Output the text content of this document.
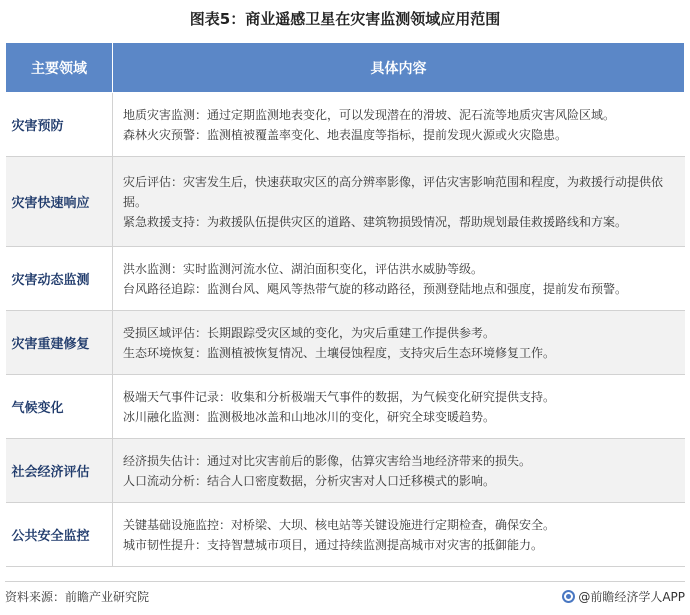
图表5：商业遥感卫星在灾害监测领域应用范围
主要领域	具体内容
灾害预防	地质灾害监测：通过定期监测地表变化，可以发现潜在的滑坡、泥石流等地质灾害风险区域。
森林火灾预警：监测植被覆盖率变化、地表温度等指标，提前发现火源或火灾隐患。

灾害快速响应	灾后评估：灾害发生后，快速获取灾区的高分辨率影像，评估灾害影响范围和程度，为救援行动提供依据。
紧急救援支持：为救援队伍提供灾区的道路、建筑物损毁情况，帮助规划最佳救援路线和方案。

灾害动态监测	洪水监测：实时监测河流水位、湖泊面积变化，评估洪水威胁等级。
台风路径追踪：监测台风、飓风等热带气旋的移动路径，预测登陆地点和强度，提前发布预警。

灾害重建修复	受损区域评估：长期跟踪受灾区域的变化，为灾后重建工作提供参考。
生态环境恢复：监测植被恢复情况、土壤侵蚀程度，支持灾后生态环境修复工作。

气候变化	极端天气事件记录：收集和分析极端天气事件的数据，为气候变化研究提供支持。
冰川融化监测：监测极地冰盖和山地冰川的变化，研究全球变暖趋势。

社会经济评估	经济损失估计：通过对比灾害前后的影像，估算灾害给当地经济带来的损失。
人口流动分析：结合人口密度数据，分析灾害对人口迁移模式的影响。

公共安全监控	关键基础设施监控：对桥梁、大坝、核电站等关键设施进行定期检查，确保安全。
城市韧性提升：支持智慧城市项目，通过持续监测提高城市对灾害的抵御能力。
资料来源：前瞻产业研究院	@前瞻经济学人APP
